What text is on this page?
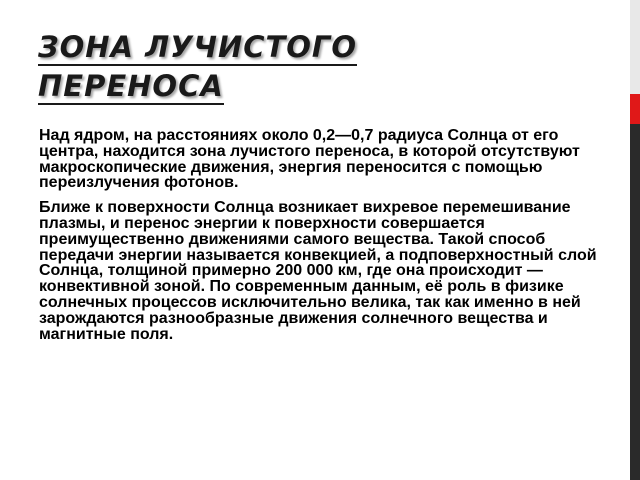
ЗОНА ЛУЧИСТОГО
ПЕРЕНОСА

Над ядром, на расстояниях около 0,2—0,7 радиуса Солнца от его центра, находится зона лучистого переноса, в которой отсутствуют макроскопические движения, энергия переносится с помощью переизлучения фотонов.

Ближе к поверхности Солнца возникает вихревое перемешивание плазмы, и перенос энергии к поверхности совершается преимущественно движениями самого вещества. Такой способ передачи энергии называется конвекцией, а подповерхностный слой Солнца, толщиной примерно 200 000 км, где она происходит — конвективной зоной. По современным данным, её роль в физике солнечных процессов исключительно велика, так как именно в ней зарождаются разнообразные движения солнечного вещества и магнитные поля.
